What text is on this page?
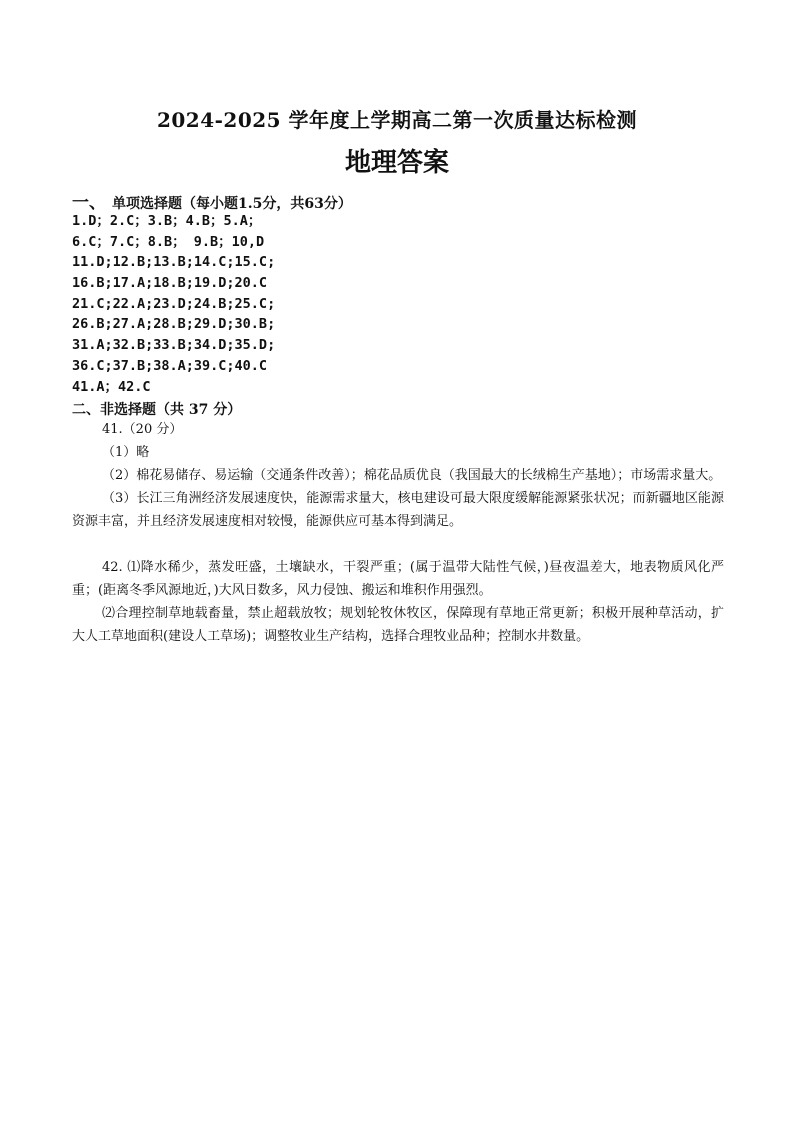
2024-2025 学年度上学期高二第一次质量达标检测
地理答案
一、 单项选择题（每小题1.5分，共63分）
1.D；2.C；3.B；4.B；5.A；
6.C；7.C；8.B； 9.B；10,D
11.D;12.B;13.B;14.C;15.C;
16.B;17.A;18.B;19.D;20.C
21.C;22.A;23.D;24.B;25.C;
26.B;27.A;28.B;29.D;30.B;
31.A;32.B;33.B;34.D;35.D;
36.C;37.B;38.A;39.C;40.C
41.A；42.C
二、非选择题（共 37 分）

41.（20 分）

（1）略

（2）棉花易储存、易运输（交通条件改善）；棉花品质优良（我国最大的长绒棉生产基地）；市场需求量大。

（3）长江三角洲经济发展速度快，能源需求量大，核电建设可最大限度缓解能源紧张状况；而新疆地区能源资源丰富，并且经济发展速度相对较慢，能源供应可基本得到满足。

42. ⑴降水稀少，蒸发旺盛，土壤缺水，干裂严重；(属于温带大陆性气候，)昼夜温差大，地表物质风化严重；(距离冬季风源地近，)大风日数多，风力侵蚀、搬运和堆积作用强烈。

⑵合理控制草地载畜量，禁止超载放牧；规划轮牧休牧区，保障现有草地正常更新；积极开展种草活动，扩大人工草地面积(建设人工草场)；调整牧业生产结构，选择合理牧业品种；控制水井数量。
